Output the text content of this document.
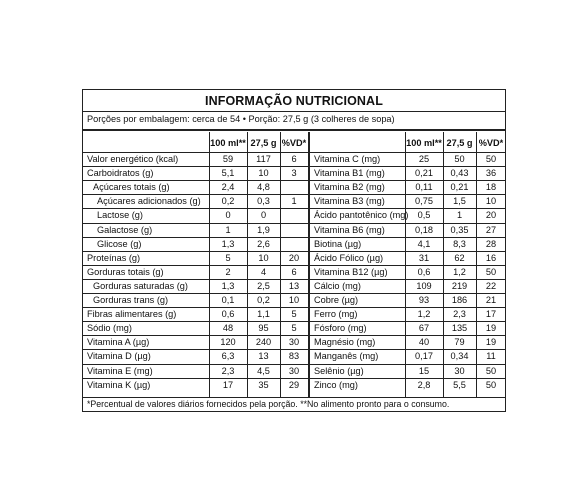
INFORMAÇÃO NUTRICIONAL
Porções por embalagem: cerca de 54 • Porção: 27,5 g (3 colheres de sopa)
100 ml** 27,5 g %VD*	100 ml** 27,5 g %VD*
Valor energético (kcal)	59	117	6
Carboidratos (g)	5,1	10	3
Açúcares totais (g)	2,4	4,8
Açúcares adicionados (g)	0,2	0,3	1
Lactose (g)	0	0
Galactose (g)	1	1,9
Glicose (g)	1,3	2,6
Proteínas (g)	5	10	20
Gorduras totais (g)	2	4	6
Gorduras saturadas (g)	1,3	2,5	13
Gorduras trans (g)	0,1	0,2	10
Fibras alimentares (g)	0,6	1,1	5
Sódio (mg)	48	95	5
Vitamina A (µg)	120	240	30
Vitamina D (µg)	6,3	13	83
Vitamina E (mg)	2,3	4,5	30
Vitamina K (µg)	17	35	29
Vitamina C (mg)	25	50	50
Vitamina B1 (mg)	0,21	0,43	36
Vitamina B2 (mg)	0,11	0,21	18
Vitamina B3 (mg)	0,75	1,5	10
Ácido pantotênico (mg) 0,5	1	20
Vitamina B6 (mg)	0,18	0,35	27
Biotina (µg)	4,1	8,3	28
Ácido Fólico (µg)	31	62	16
Vitamina B12 (µg)	0,6	1,2	50
Cálcio (mg)	109	219	22
Cobre (µg)	93	186	21
Ferro (mg)	1,2	2,3	17
Fósforo (mg)	67	135	19
Magnésio (mg)	40	79	19
Manganês (mg)	0,17	0,34	11
Selênio (µg)	15	30	50
Zinco (mg)	2,8	5,5	50
*Percentual de valores diários fornecidos pela porção. **No alimento pronto para o consumo.
